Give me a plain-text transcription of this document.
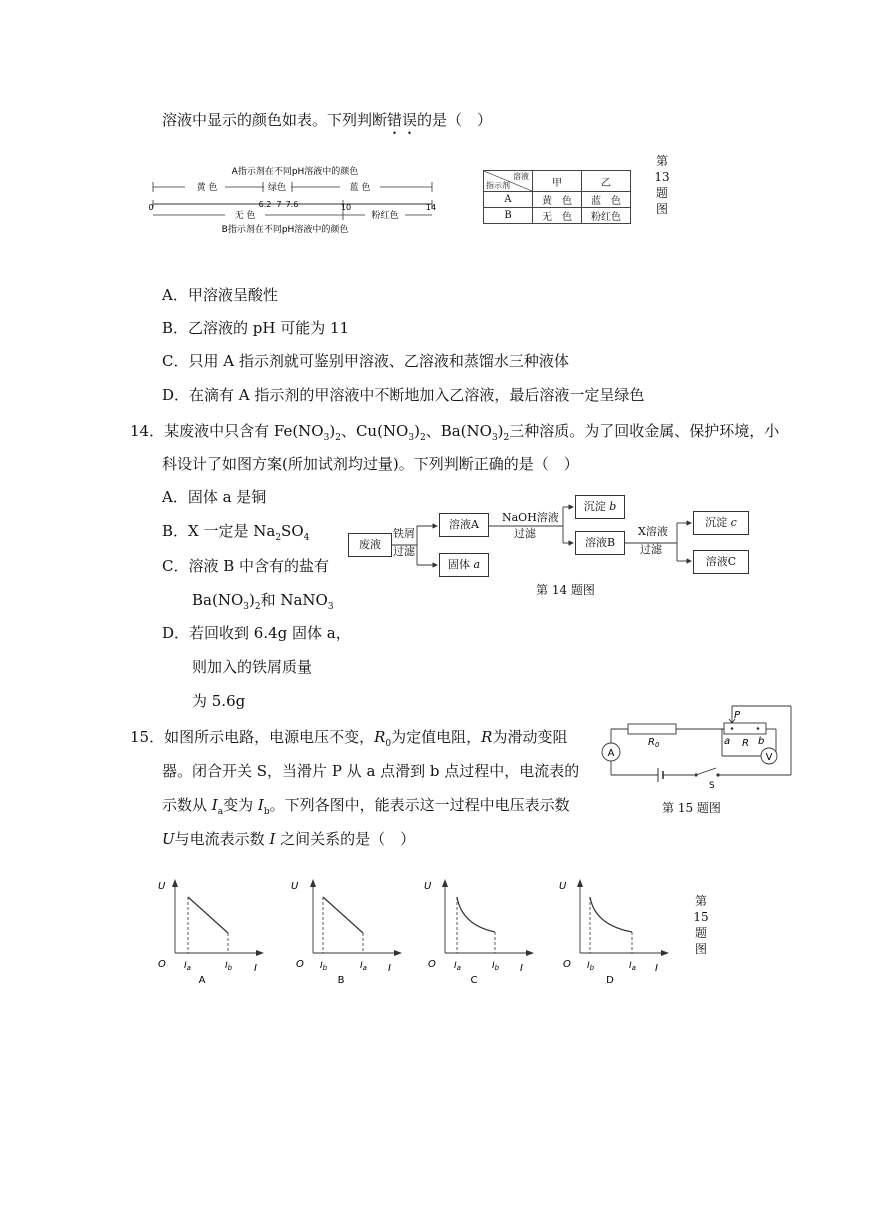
溶液中显示的颜色如表。下列判断错误的是（　）
A指示剂在不同pH溶液中的颜色
黄 色	绿色	蓝 色
6.2 7 7.6
0	10	14
无 色	粉红色
B指示剂在不同pH溶液中的颜色
溶液
指示剂	甲	乙
A	黄　色	蓝　色
B	无　色	粉红色
第13题图
A．甲溶液呈酸性
B．乙溶液的 pH 可能为 11
C．只用 A 指示剂就可鉴别甲溶液、乙溶液和蒸馏水三种液体
D．在滴有 A 指示剂的甲溶液中不断地加入乙溶液，最后溶液一定呈绿色
14．某废液中只含有 $Fe(NO_3)_2$、$Cu(NO_3)_2$、$Ba(NO_3)_2$三种溶质。为了回收金属、保护环境，小
科设计了如图方案(所加试剂均过量)。下列判断正确的是（　）
A．固体 a 是铜
B．X 一定是 $Na_2SO_4$
C．溶液 B 中含有的盐有
$Ba(NO_3)_2$和 NaNO$_3$
D．若回收到 6.4g 固体 a，
则加入的铁屑质量
为 5.6g
废液
铁屑
过滤
溶液A
固体 a
NaOH溶液
过滤
沉淀 b
溶液B
X溶液
过滤
沉淀 c
溶液C
第 14 题图
15．如图所示电路，电源电压不变，$R_0$为定值电阻，R为滑动变阻
器。闭合开关 S，当滑片 P 从 a 点滑到 b 点过程中，电流表的
示数从 $I_a$变为 $I_b$。下列各图中，能表示这一过程中电压表示数
U与电流表示数 I 之间关系的是（　）
V
A
$R_0$
P
a R b
S
第 15 题图
U
I
O $I_a$	$I_b$
A
U
I
O $I_b$	$I_a$
B
U
I
O $I_a$	$I_b$
C
U
I
O $I_b$	$I_a$
D
第15题图
